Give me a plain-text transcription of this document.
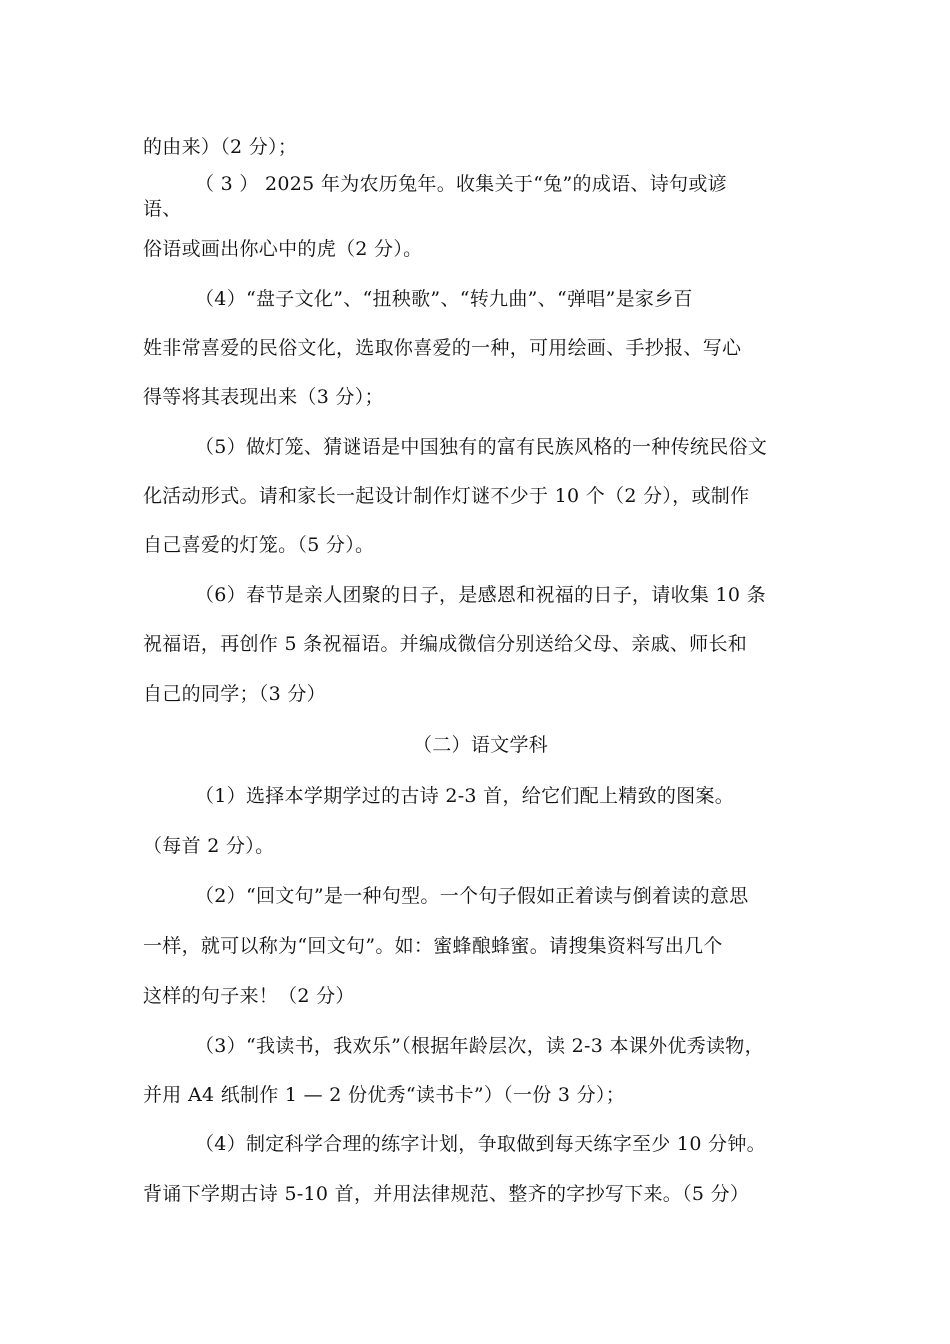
的由来）（2 分）；
（ 3 ） 2025 年为农历兔年。收集关于“兔”的成语、诗句或谚
语、
俗语或画出你心中的虎（2 分）。
（4）“盘子文化”、“扭秧歌”、“转九曲”、“弹唱”是家乡百
姓非常喜爱的民俗文化，选取你喜爱的一种，可用绘画、手抄报、写心
得等将其表现出来（3 分）；
（5）做灯笼、猜谜语是中国独有的富有民族风格的一种传统民俗文
化活动形式。请和家长一起设计制作灯谜不少于 10 个（2 分），或制作
自己喜爱的灯笼。（5 分）。
（6）春节是亲人团聚的日子，是感恩和祝福的日子，请收集 10 条
祝福语，再创作 5 条祝福语。并编成微信分别送给父母、亲戚、师长和
自己的同学；（3 分）
（二）语文学科
（1）选择本学期学过的古诗 2-3 首，给它们配上精致的图案。
（每首 2 分）。
（2）“回文句”是一种句型。一个句子假如正着读与倒着读的意思
一样，就可以称为“回文句”。如：蜜蜂酿蜂蜜。请搜集资料写出几个
这样的句子来！（2 分）
（3）“我读书，我欢乐”（根据年龄层次，读 2-3 本课外优秀读物，
并用 A4 纸制作 1 — 2 份优秀“读书卡”）（一份 3 分）；
（4）制定科学合理的练字计划，争取做到每天练字至少 10 分钟。
背诵下学期古诗 5-10 首，并用法律规范、整齐的字抄写下来。（5 分）
